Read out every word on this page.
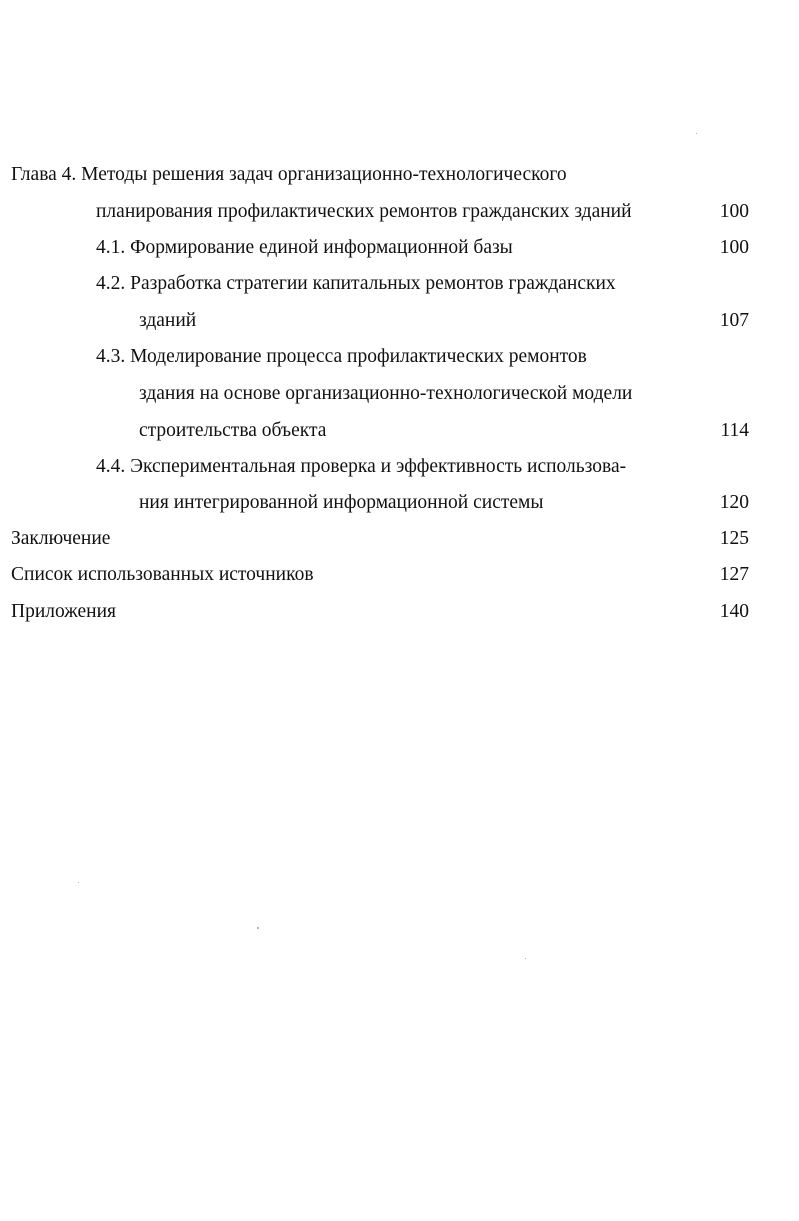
Глава 4. Методы решения задач организационно-технологического
планирования профилактических ремонтов гражданских зданий	100
4.1. Формирование единой информационной базы	100
4.2. Разработка стратегии капитальных ремонтов гражданских
зданий	107
4.3. Моделирование процесса профилактических ремонтов
здания на основе организационно-технологической модели
строительства объекта	114
4.4. Экспериментальная проверка и эффективность использова-
ния интегрированной информационной системы	120
Заключение	125
Список использованных источников	127
Приложения	140
